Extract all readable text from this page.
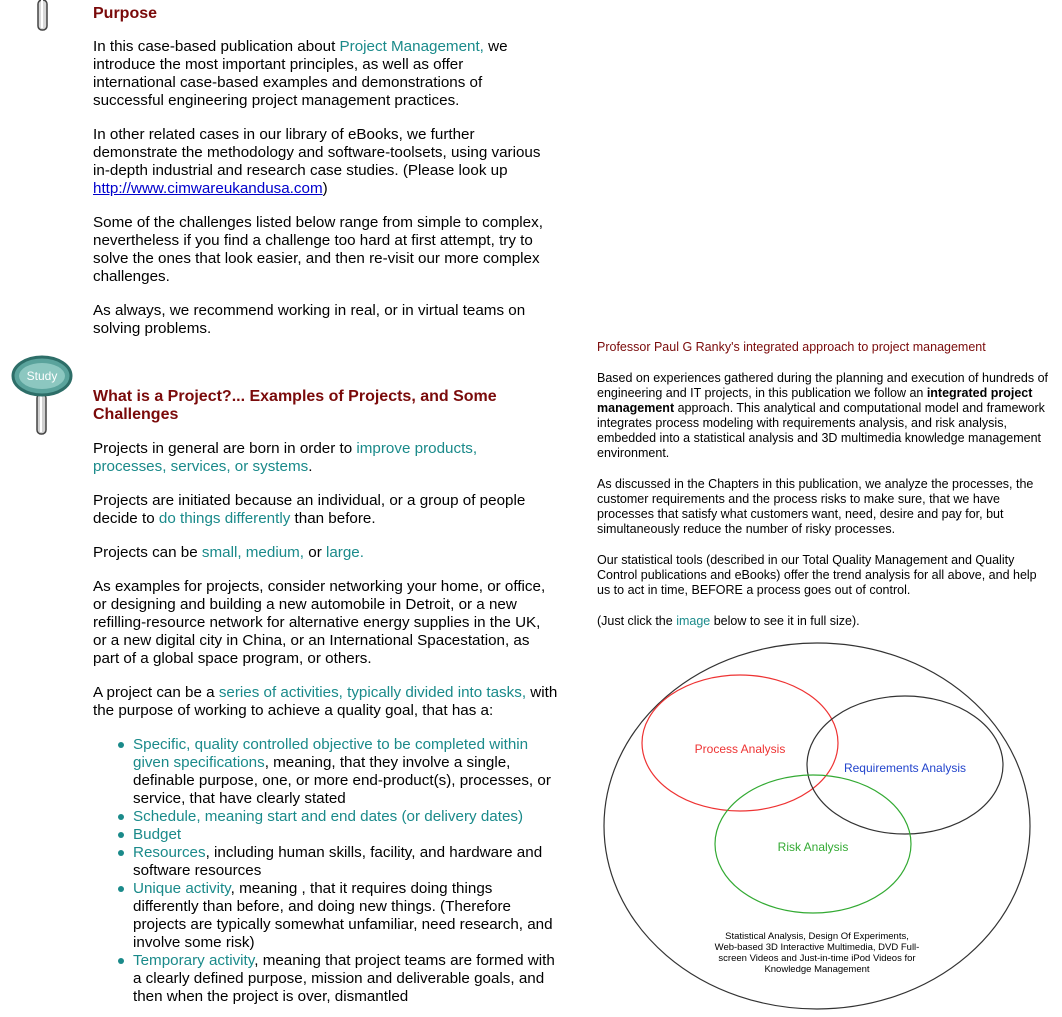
Study
Purpose

In this case-based publication about Project Management, we introduce the most important principles, as well as offer international case-based examples and demonstrations of successful engineering project management practices.

In other related cases in our library of eBooks, we further demonstrate the methodology and software-toolsets, using various in-depth industrial and research case studies. (Please look up http://www.cimwareukandusa.com)

Some of the challenges listed below range from simple to complex, nevertheless if you find a challenge too hard at first attempt, try to solve the ones that look easier, and then re-visit our more complex challenges.

As always, we recommend working in real, or in virtual teams on solving problems.

What is a Project?... Examples of Projects, and Some Challenges

Projects in general are born in order to improve products, processes, services, or systems.

Projects are initiated because an individual, or a group of people decide to do things differently than before.

Projects can be small, medium, or large.

As examples for projects, consider networking your home, or office, or designing and building a new automobile in Detroit, or a new refilling-resource network for alternative energy supplies in the UK, or a new digital city in China, or an International Spacestation, as part of a global space program, or others.

A project can be a series of activities, typically divided into tasks, with the purpose of working to achieve a quality goal, that has a:

Specific, quality controlled objective to be completed within given specifications, meaning, that they involve a single, definable purpose, one, or more end-product(s), processes, or service, that have clearly stated
Schedule, meaning start and end dates (or delivery dates)
Budget
Resources, including human skills, facility, and hardware and software resources
Unique activity, meaning , that it requires doing things differently than before, and doing new things. (Therefore projects are typically somewhat unfamiliar, need research, and involve some risk)
Temporary activity, meaning that project teams are formed with a clearly defined purpose, mission and deliverable goals, and then when the project is over, dismantled

Professor Paul G Ranky's integrated approach to project management

Based on experiences gathered during the planning and execution of hundreds of engineering and IT projects, in this publication we follow an integrated project management approach. This analytical and computational model and framework integrates process modeling with requirements analysis, and risk analysis, embedded into a statistical analysis and 3D multimedia knowledge management environment.

As discussed in the Chapters in this publication, we analyze the processes, the customer requirements and the process risks to make sure, that we have processes that satisfy what customers want, need, desire and pay for, but simultaneously reduce the number of risky processes.

Our statistical tools (described in our Total Quality Management and Quality Control publications and eBooks) offer the trend analysis for all above, and help us to act in time, BEFORE a process goes out of control.

(Just click the image below to see it in full size).

Process Analysis
Requirements Analysis
Risk Analysis
Statistical Analysis, Design Of Experiments,
Web-based 3D Interactive Multimedia, DVD Full-
screen Videos and Just-in-time iPod Videos for
Knowledge Management
